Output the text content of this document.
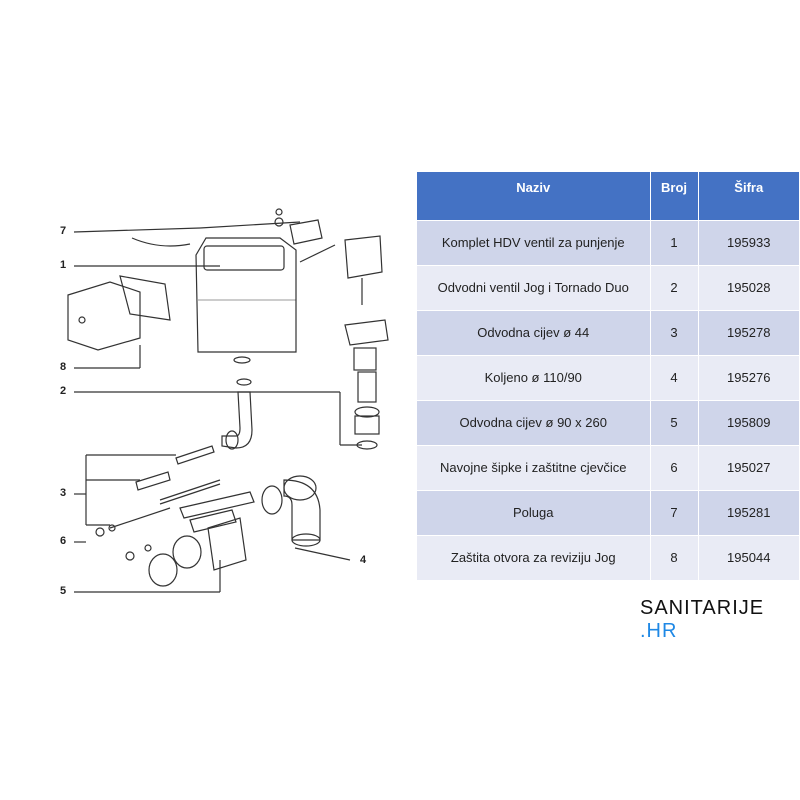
7
1
8
2
3
6
5
4
Naziv	Broj	Šifra
Komplet HDV ventil za punjenje	1	195933
Odvodni ventil Jog i Tornado Duo	2	195028
Odvodna cijev ø 44	3	195278
Koljeno ø 110/90	4	195276
Odvodna cijev ø 90 x 260	5	195809
Navojne šipke i zaštitne cjevčice	6	195027
Poluga	7	195281
Zaštita otvora za reviziju Jog	8	195044
SANITARIJE.HR
